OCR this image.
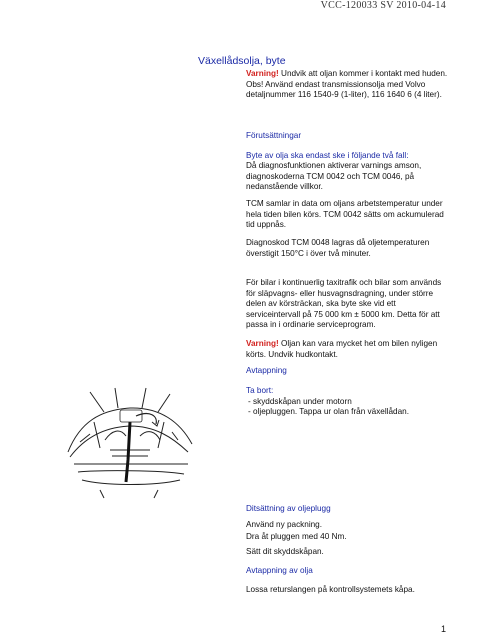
VCC-120033 SV 2010-04-14
Växellådsolja, byte

Varning! Undvik att oljan kommer i kontakt med huden.

Obs! Använd endast transmissionsolja med Volvo detaljnummer 116 1540-9 (1-liter), 116 1640 6 (4 liter).

Förutsättningar
Byte av olja ska endast ske i följande två fall:
Då diagnosfunktionen aktiverar varnings amson, diagnoskoderna TCM 0042 och TCM 0046, på nedanstående villkor.
TCM samlar in data om oljans arbetstemperatur under hela tiden bilen körs. TCM 0042 sätts om ackumulerad tid uppnås.
Diagnoskod TCM 0048 lagras då oljetemperaturen överstigit 150°C i över två minuter.
För bilar i kontinuerlig taxitrafik och bilar som används för släpvagns- eller husvagnsdragning, under större delen av körsträckan, ska byte ske vid ett serviceintervall på 75 000 km ± 5000 km. Detta för att passa in i ordinarie serviceprogram.
Varning! Oljan kan vara mycket het om bilen nyligen körts. Undvik hudkontakt.
Avtappning
Ta bort:
- skyddskåpan under motorn
- oljepluggen. Tappa ur olan från växellådan.
Ditsättning av oljeplugg
Använd ny packning.
Dra åt pluggen med 40 Nm.
Sätt dit skyddskåpan.
Avtappning av olja
Lossa returslangen på kontrollsystemets kåpa.
1
